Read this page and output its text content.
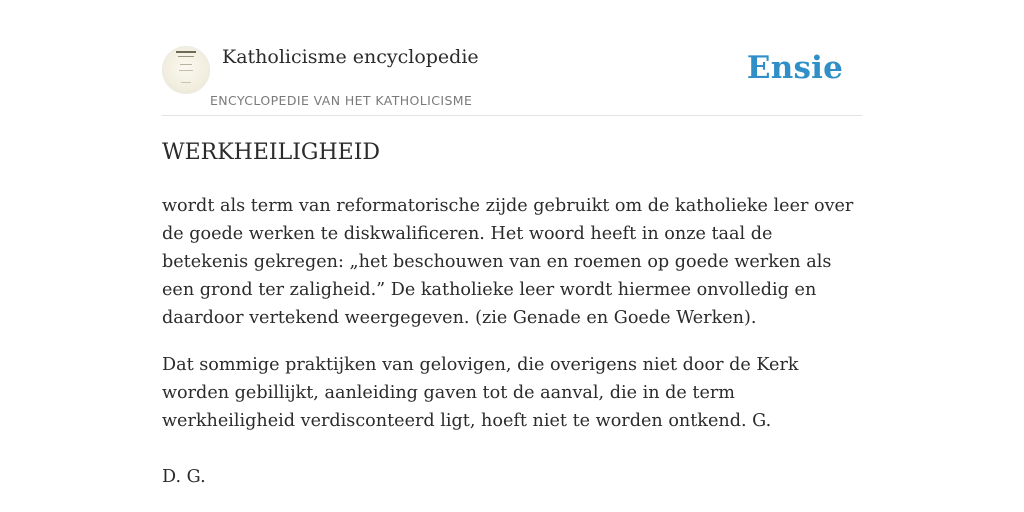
Katholicisme encyclopedie
ENCYCLOPEDIE VAN HET KATHOLICISME
Ensie
WERKHEILIGHEID

wordt als term van reformatorische zijde gebruikt om de katholieke leer over de goede werken te diskwalificeren. Het woord heeft in onze taal de betekenis gekregen: „het beschouwen van en roemen op goede werken als een grond ter zaligheid.” De katholieke leer wordt hiermee onvolledig en daardoor vertekend weergegeven. (zie Genade en Goede Werken).

Dat sommige praktijken van gelovigen, die overigens niet door de Kerk worden gebillijkt, aanleiding gaven tot de aanval, die in de term werkheiligheid verdisconteerd ligt, hoeft niet te worden ontkend. G.

D. G.
